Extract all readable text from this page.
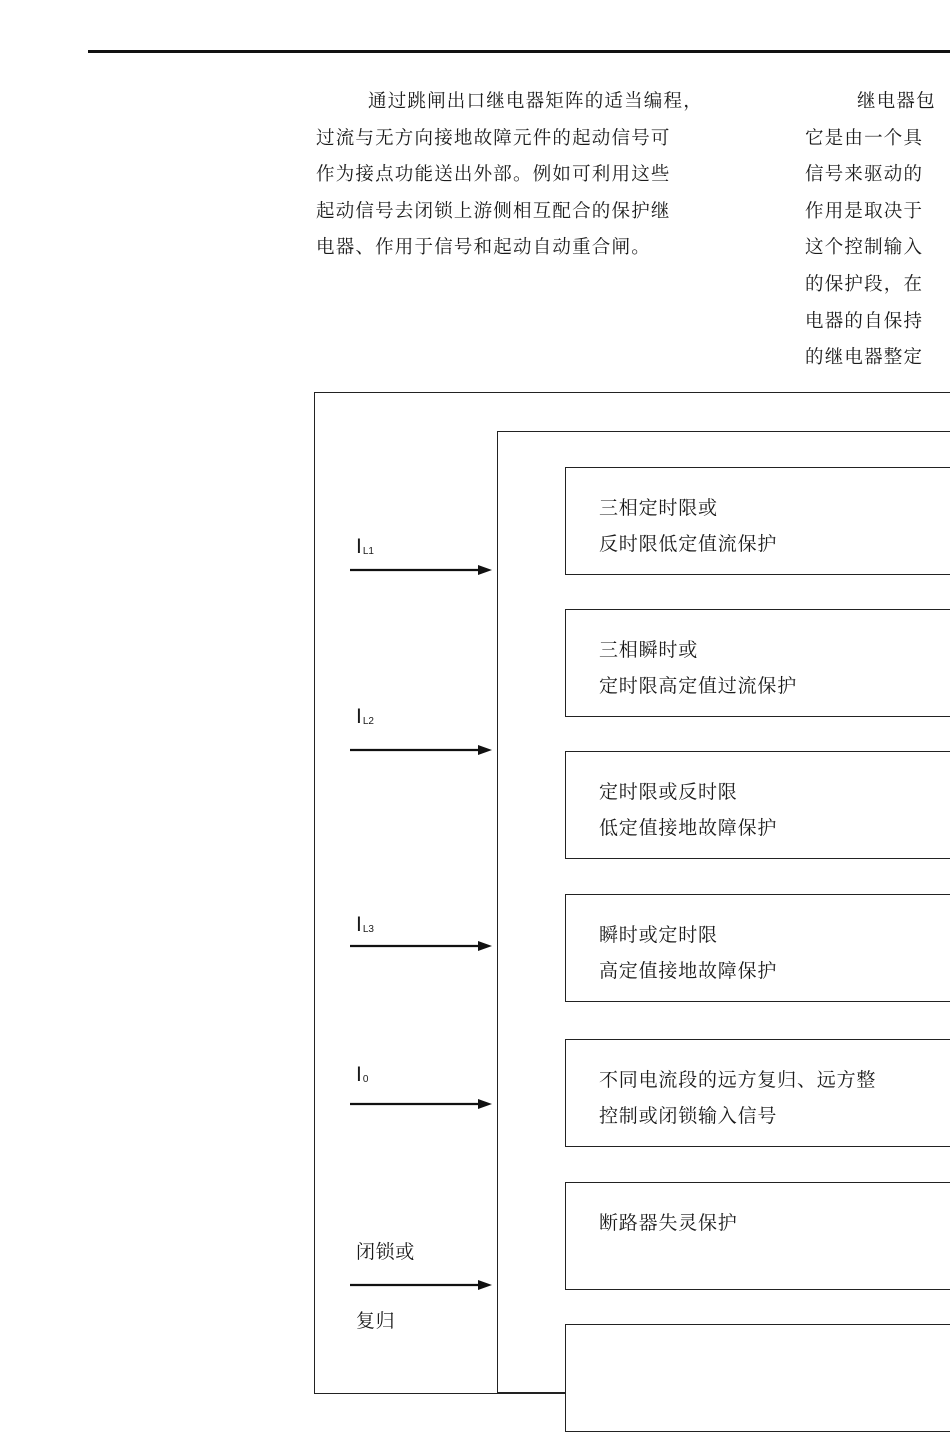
通过跳闸出口继电器矩阵的适当编程，
过流与无方向接地故障元件的起动信号可
作为接点功能送出外部。例如可利用这些
起动信号去闭锁上游侧相互配合的保护继
电器、作用于信号和起动自动重合闸。
继电器包
它是由一个具
信号来驱动的
作用是取决于
这个控制输入
的保护段，在
电器的自保持
的继电器整定
三相定时限或
反时限低定值流保护
三相瞬时或
定时限高定值过流保护
定时限或反时限
低定值接地故障保护
瞬时或定时限
高定值接地故障保护
不同电流段的远方复归、远方整
控制或闭锁输入信号
断路器失灵保护
$I_{L1}$
$I_{L2}$
$I_{L3}$
$I_0$
闭锁或
复归
